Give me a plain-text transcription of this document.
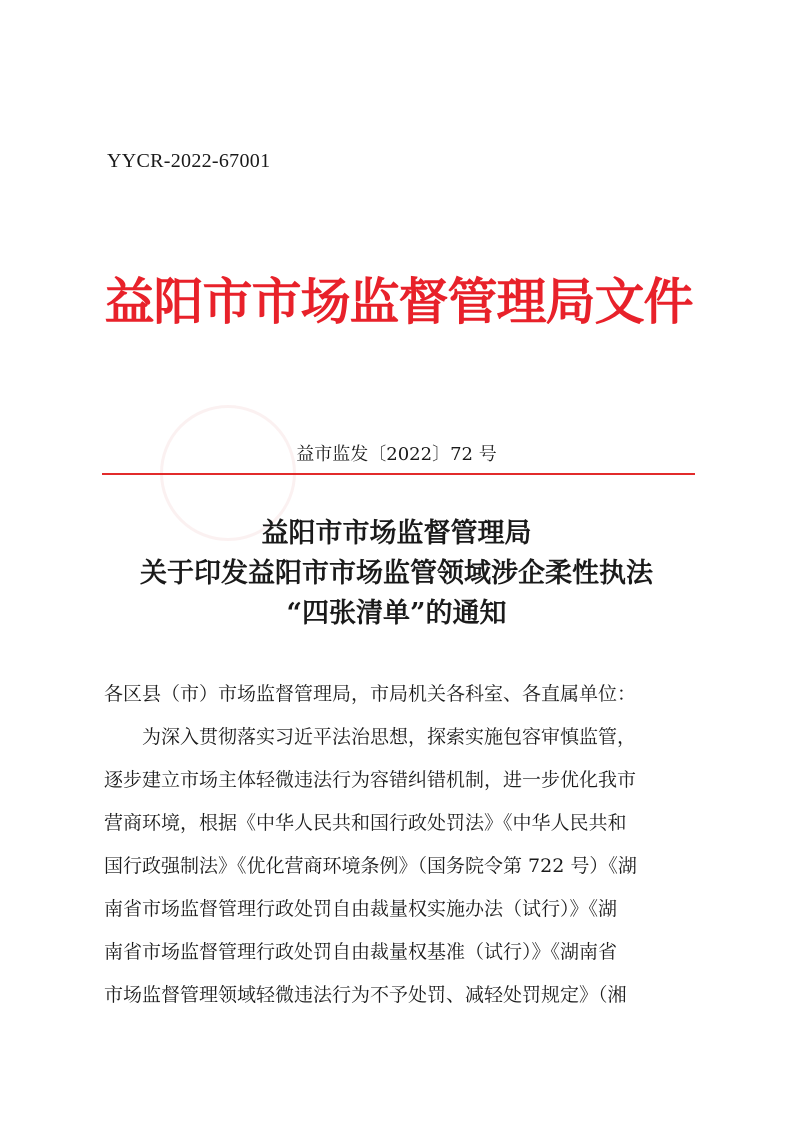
YYCR-2022-67001
益阳市市场监督管理局文件
益市监发〔2022〕72 号
益阳市市场监督管理局
关于印发益阳市市场监管领域涉企柔性执法
“四张清单”的通知

各区县（市）市场监督管理局，市局机关各科室、各直属单位：

为深入贯彻落实习近平法治思想，探索实施包容审慎监管，

逐步建立市场主体轻微违法行为容错纠错机制，进一步优化我市

营商环境，根据《中华人民共和国行政处罚法》《中华人民共和

国行政强制法》《优化营商环境条例》（国务院令第 722 号）《湖

南省市场监督管理行政处罚自由裁量权实施办法（试行）》《湖

南省市场监督管理行政处罚自由裁量权基准（试行）》《湖南省

市场监督管理领域轻微违法行为不予处罚、减轻处罚规定》（湘
